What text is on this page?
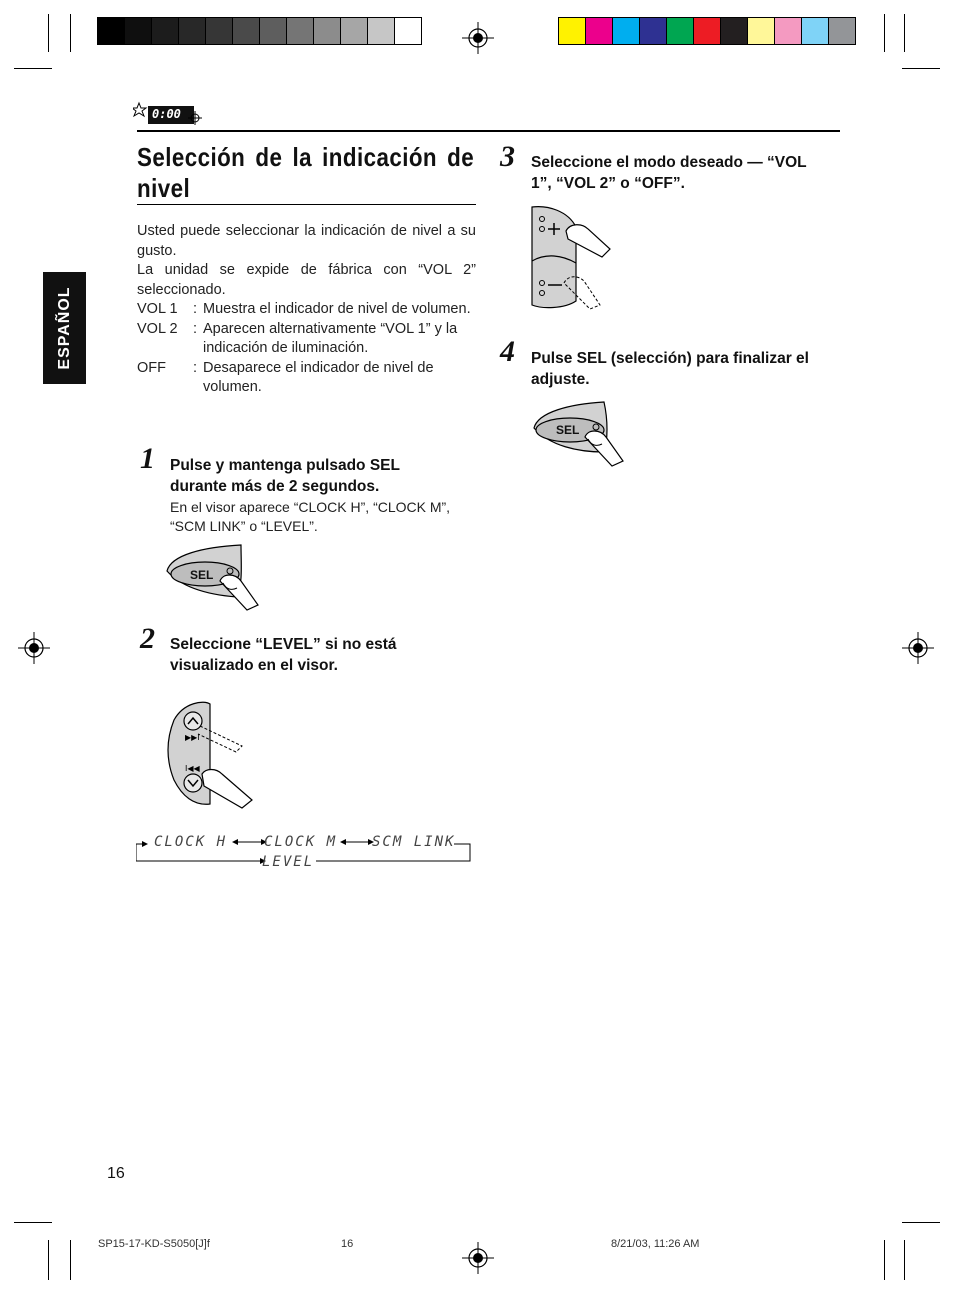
0:00
ESPAÑOL
Selección de la indicación de nivel
Usted puede seleccionar la indicación de nivel a su gusto.
La unidad se expide de fábrica con “VOL 2” seleccionado.
VOL 1	: Muestra el indicador de nivel de volumen.
VOL 2	: Aparecen alternativamente “VOL 1” y la indicación de iluminación.
OFF	: Desaparece el indicador de nivel de volumen.
1 Pulse y mantenga pulsado SEL durante más de 2 segundos.
En el visor aparece “CLOCK H”, “CLOCK M”, “SCM LINK” o “LEVEL”.
SEL
2 Seleccione “LEVEL” si no está visualizado en el visor.
▶▶I
I◀◀
CLOCK H	CLOCK M SCM LINK
LEVEL
3 Seleccione el modo deseado — “VOL 1”, “VOL 2” o “OFF”.
4 Pulse SEL (selección) para finalizar el adjuste.
SEL
16
SP15-17-KD-S5050[J]f	16	8/21/03, 11:26 AM
